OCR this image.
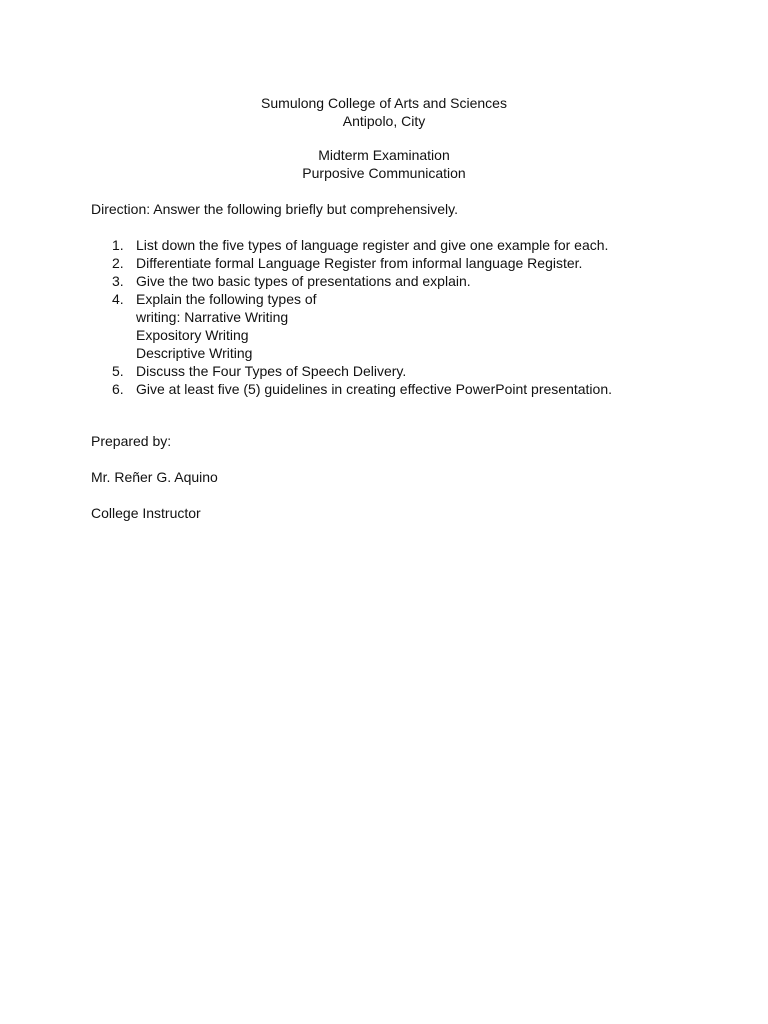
Sumulong College of Arts and Sciences
Antipolo, City
Midterm Examination
Purposive Communication
Direction: Answer the following briefly but comprehensively.
1. List down the five types of language register and give one example for each.
2. Differentiate formal Language Register from informal language Register.
3. Give the two basic types of presentations and explain.
4. Explain the following types of
writing: Narrative Writing
Expository Writing
Descriptive Writing
5. Discuss the Four Types of Speech Delivery.
6. Give at least five (5) guidelines in creating effective PowerPoint presentation.
Prepared by:
Mr. Reñer G. Aquino
College Instructor
